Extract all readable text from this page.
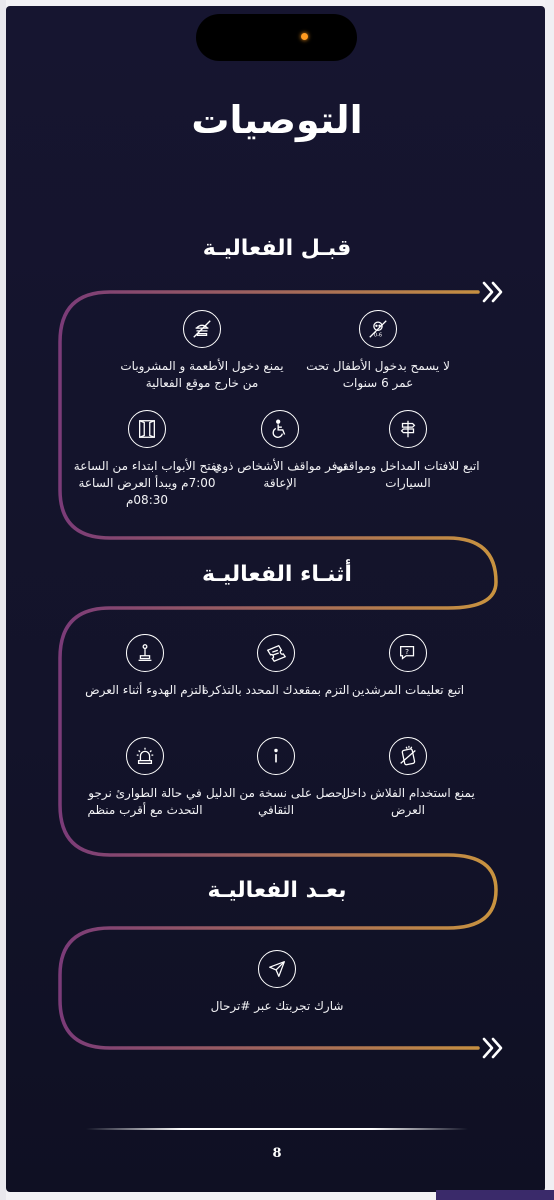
التوصيات
قبـل الفعاليـة
أثنـاء الفعاليـة
بعـد الفعاليـة
0-6
لا يسمح بدخول الأطفال تحت عمر 6 سنوات
يمنع دخول الأطعمة و المشروبات من خارج موقع الفعالية
اتبع للافتات المداخل ومواقف السيارات
توفر مواقف الأشخاص ذوي الإعاقة
تفتح الأبواب ابتداء من الساعة 7:00م ويبدأ العرض الساعة 08:30م
?
اتبع تعليمات المرشدين
التزم بمقعدك المحدد بالتذكرة
التزم الهدوء أثناء العرض
يمنع استخدام الفلاش داخل العرض
احصل على نسخة من الدليل الثقافي
في حالة الطوارئ نرجو التحدث مع أقرب منظم
شارك تجربتك عبر #ترحال
8
